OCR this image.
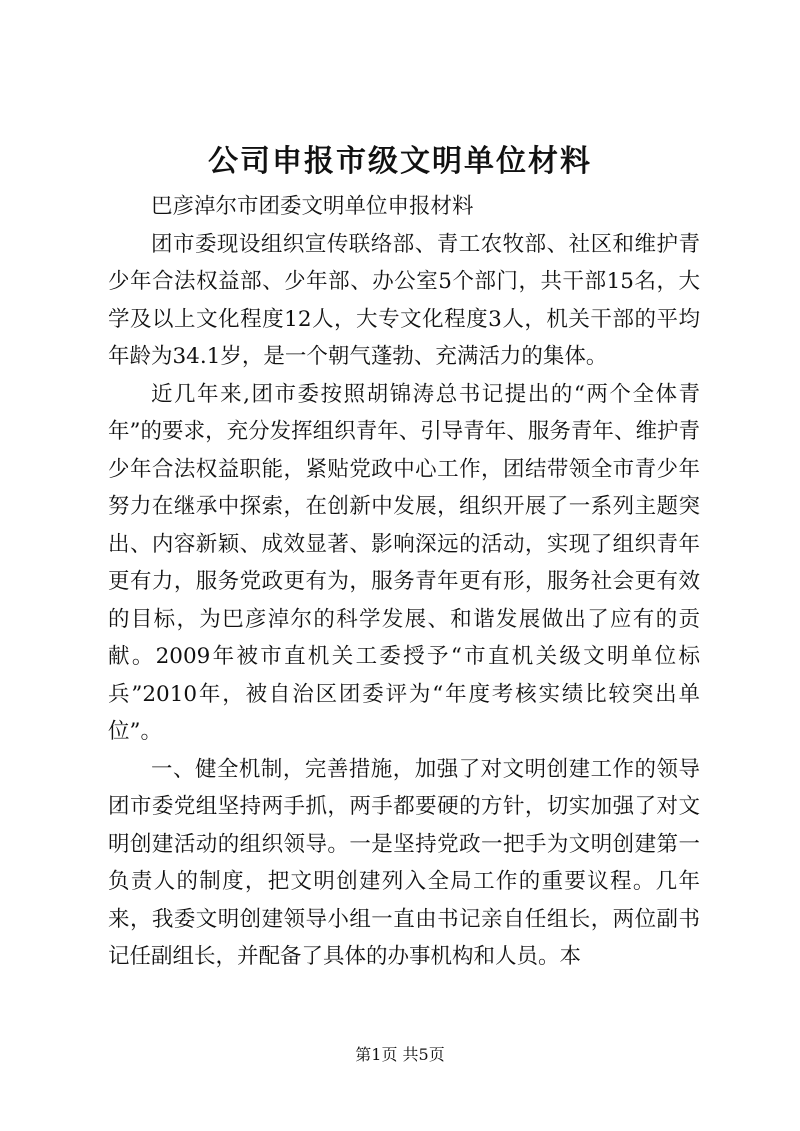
公司申报市级文明单位材料

巴彦淖尔市团委文明单位申报材料

团市委现设组织宣传联络部、青工农牧部、社区和维护青少年合法权益部、少年部、办公室5个部门，共干部15名，大学及以上文化程度12人，大专文化程度3人，机关干部的平均年龄为34.1岁，是一个朝气蓬勃、充满活力的集体。

近几年来,团市委按照胡锦涛总书记提出的“两个全体青年”的要求，充分发挥组织青年、引导青年、服务青年、维护青少年合法权益职能，紧贴党政中心工作，团结带领全市青少年努力在继承中探索，在创新中发展，组织开展了一系列主题突出、内容新颖、成效显著、影响深远的活动，实现了组织青年更有力，服务党政更有为，服务青年更有形，服务社会更有效的目标，为巴彦淖尔的科学发展、和谐发展做出了应有的贡献。2009年被市直机关工委授予“市直机关级文明单位标兵”2010年，被自治区团委评为“年度考核实绩比较突出单位”。

一、健全机制，完善措施，加强了对文明创建工作的领导团市委党组坚持两手抓，两手都要硬的方针，切实加强了对文明创建活动的组织领导。一是坚持党政一把手为文明创建第一负责人的制度，把文明创建列入全局工作的重要议程。几年来，我委文明创建领导小组一直由书记亲自任组长，两位副书记任副组长，并配备了具体的办事机构和人员。本

第1页 共5页
